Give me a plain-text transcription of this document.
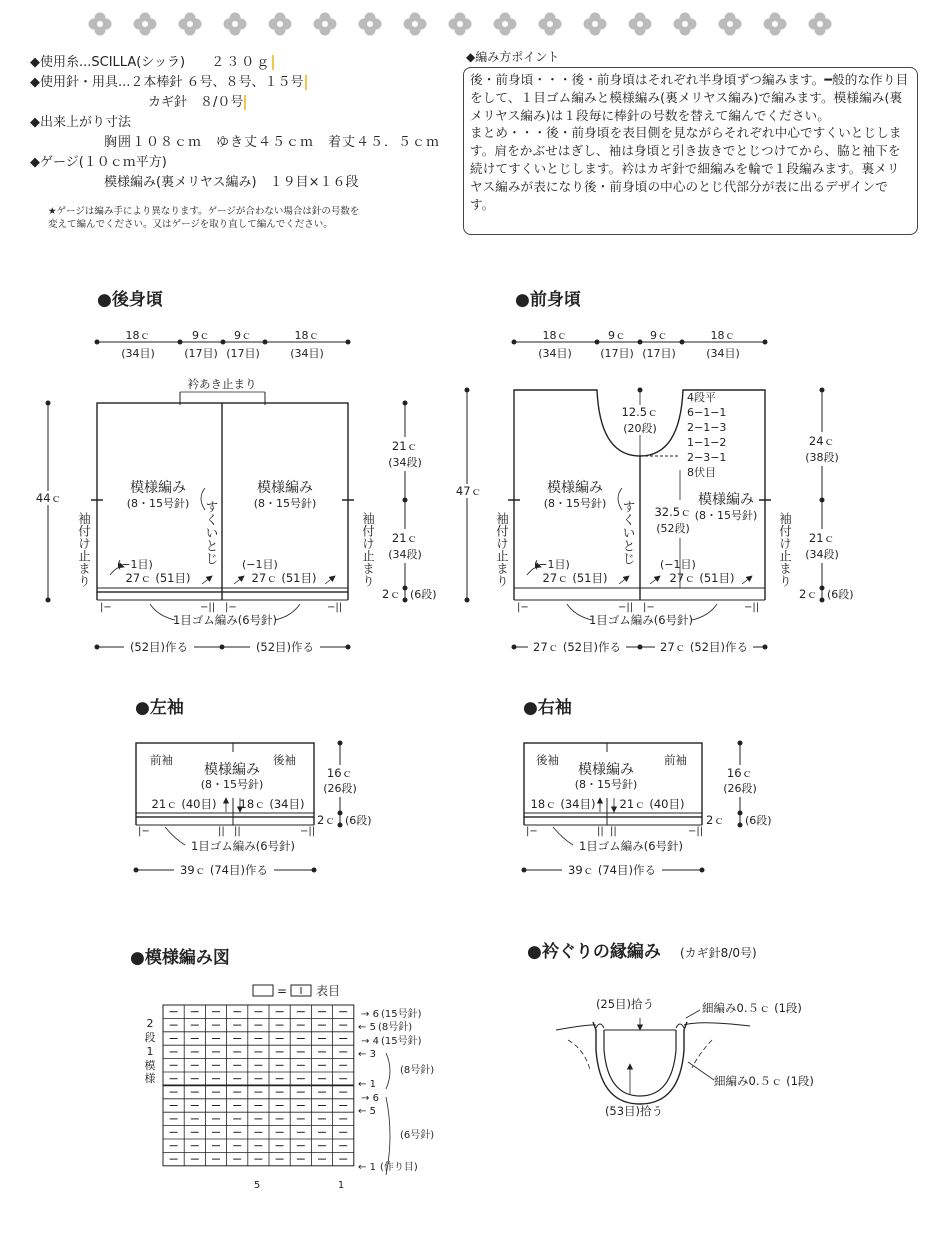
◆使用糸...SCILLA(シッラ) ２３０ｇ
◆使用針・用具...２本棒針 ６号、８号、１５号
カギ針　８/０号
◆出来上がり寸法
胸囲１０８ｃｍ　ゆき丈４５ｃｍ　着丈４５．５ｃｍ
◆ゲージ(１０ｃｍ平方)
模様編み(裏メリヤス編み)　１９目×１６段
★ゲージは編み手により異なります。ゲージが合わない場合は針の号数を
変えて編んでください。又はゲージを取り直して編んでください。
◆編み方ポイント

後・前身頃・・・後・前身頃はそれぞれ半身頃ずつ編みます。━般的な作り目をして、１目ゴム編みと模様編み(裏メリヤス編み)で編みます。模様編み(裏メリヤス編み)は１段毎に棒針の号数を替えて編んでください。

まとめ・・・後・前身頃を表目側を見ながらそれぞれ中心ですくいとじします。肩をかぶせはぎし、袖は身頃と引き抜きでとじつけてから、脇と袖下を続けてすくいとじします。衿はカギ針で細編みを輪で１段編みます。裏メリヤス編みが表になり後・前身頃の中心のとじ代部分が表に出るデザインです。

●後身頃
18ｃ	9ｃ 9ｃ	18ｃ
(34目)	(17目) (17目)	(34目)
衿あき止まり
模様編み
(8・15号針)
模様編み
(8・15号針)
すくいとじ
袖付け止まり	袖付け止まり
(−1目)	(−1目)
27ｃ (51目)	27ｃ (51目)
|−	−|| |−	−||
1目ゴム編み(6号針)
(52目)作る	(52目)作る
44ｃ
21ｃ
(34段)
21ｃ
(34段)
2ｃ (6段)
●前身頃
18ｃ	9ｃ 9ｃ	18ｃ
(34目)	(17目) (17目)	(34目)
12.5ｃ
(20段)
4段平
6−1−1
2−1−3
1−1−2
2−3−1
8伏目
模様編み
(8・15号針)	模様編み
(8・15号針)
32.5ｃ
(52段)
すくいとじ
袖付け止まり	袖付け止まり
(−1目)	(−1目)
27ｃ (51目)	27ｃ (51目)
|−	−|| |−	−||
1目ゴム編み(6号針)
27ｃ (52目)作る	27ｃ (52目)作る
47ｃ
24ｃ
(38段)
21ｃ
(34段)
2ｃ (6段)
●左袖
前袖	後袖
模様編み
(8・15号針)
21ｃ (40目) 18ｃ (34目)
|−	|| ||	−||
1目ゴム編み(6号針)
39ｃ (74目)作る
16ｃ
(26段)
2ｃ (6段)
●右袖
後袖	前袖
模様編み
(8・15号針)
18ｃ (34目) 21ｃ (40目)
|−	|| ||	−||
1目ゴム編み(6号針)
39ｃ (74目)作る
16ｃ
(26段)
2ｃ (6段)
●模様編み図
= 表目
→ 6 (15号針)
← 5 (8号針)
→ 4 (15号針)
← 3
← 1
(8号針)
→ 6
← 5
(6号針)
← 1 (作り目)
2
段
1
模
様
5	1
●衿ぐりの縁編み (カギ針8/0号)
(25目)拾う
(53目)拾う
細編み0.５ｃ (1段)
細編み0.５ｃ (1段)
